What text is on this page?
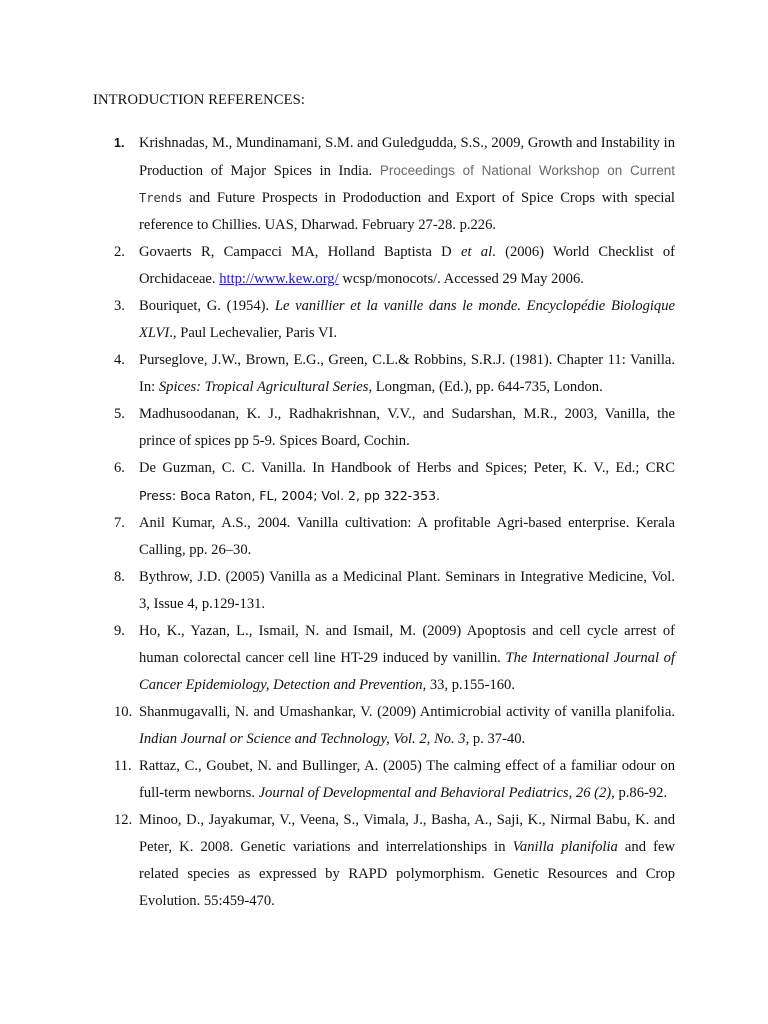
INTRODUCTION REFERENCES:
1. Krishnadas, M., Mundinamani, S.M. and Guledgudda, S.S., 2009, Growth and Instability in Production of Major Spices in India. Proceedings of National Workshop on Current Trends and Future Prospects in Prododuction and Export of Spice Crops with special reference to Chillies. UAS, Dharwad. February 27-28. p.226.
2. Govaerts R, Campacci MA, Holland Baptista D et al. (2006) World Checklist of Orchidaceae. http://www.kew.org/ wcsp/monocots/. Accessed 29 May 2006.
3. Bouriquet, G. (1954). Le vanillier et la vanille dans le monde. Encyclopédie Biologique XLVI., Paul Lechevalier, Paris VI.
4. Purseglove, J.W., Brown, E.G., Green, C.L.& Robbins, S.R.J. (1981). Chapter 11: Vanilla. In: Spices: Tropical Agricultural Series, Longman, (Ed.), pp. 644-735, London.
5. Madhusoodanan, K. J., Radhakrishnan, V.V., and Sudarshan, M.R., 2003, Vanilla, the prince of spices pp 5-9. Spices Board, Cochin.
6. De Guzman, C. C. Vanilla. In Handbook of Herbs and Spices; Peter, K. V., Ed.; CRC Press: Boca Raton, FL, 2004; Vol. 2, pp 322-353.
7. Anil Kumar, A.S., 2004. Vanilla cultivation: A profitable Agri-based enterprise. Kerala Calling, pp. 26–30.
8. Bythrow, J.D. (2005) Vanilla as a Medicinal Plant. Seminars in Integrative Medicine, Vol. 3, Issue 4, p.129-131.
9. Ho, K., Yazan, L., Ismail, N. and Ismail, M. (2009) Apoptosis and cell cycle arrest of human colorectal cancer cell line HT-29 induced by vanillin. The International Journal of Cancer Epidemiology, Detection and Prevention, 33, p.155-160.
10. Shanmugavalli, N. and Umashankar, V. (2009) Antimicrobial activity of vanilla planifolia. Indian Journal or Science and Technology, Vol. 2, No. 3, p. 37-40.
11. Rattaz, C., Goubet, N. and Bullinger, A. (2005) The calming effect of a familiar odour on full-term newborns. Journal of Developmental and Behavioral Pediatrics, 26 (2), p.86-92.
12. Minoo, D., Jayakumar, V., Veena, S., Vimala, J., Basha, A., Saji, K., Nirmal Babu, K. and Peter, K. 2008. Genetic variations and interrelationships in Vanilla planifolia and few related species as expressed by RAPD polymorphism. Genetic Resources and Crop Evolution. 55:459-470.
